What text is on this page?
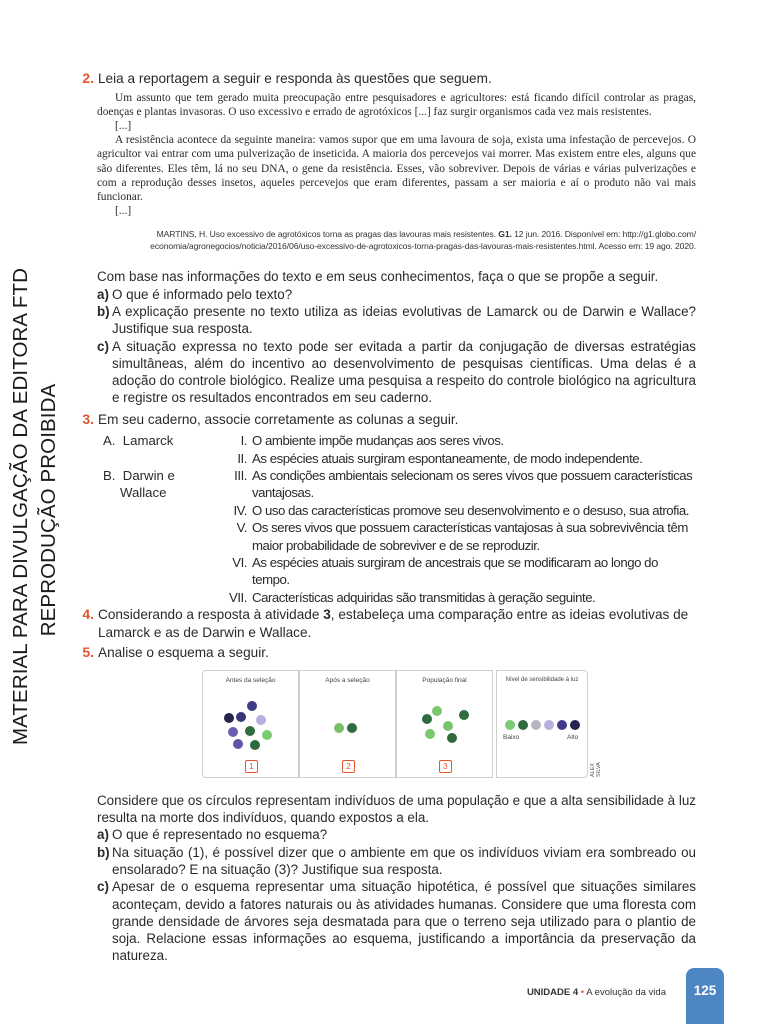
MATERIAL PARA DIVULGAÇÃO DA EDITORA FTD REPRODUÇÃO PROIBIDA
2. Leia a reportagem a seguir e responda às questões que seguem.

Um assunto que tem gerado muita preocupação entre pesquisadores e agricultores: está ficando difícil controlar as pragas, doenças e plantas invasoras. O uso excessivo e errado de agrotóxicos [...] faz surgir organismos cada vez mais resistentes.

[...]

A resistência acontece da seguinte maneira: vamos supor que em uma lavoura de soja, exista uma infestação de percevejos. O agricultor vai entrar com uma pulverização de inseticida. A maioria dos percevejos vai morrer. Mas existem entre eles, alguns que são diferentes. Eles têm, lá no seu DNA, o gene da resistência. Esses, vão sobreviver. Depois de várias e várias pulverizações e com a reprodução desses insetos, aqueles percevejos que eram diferentes, passam a ser maioria e aí o produto não vai mais funcionar.

[...]
MARTINS, H. Uso excessivo de agrotóxicos torna as pragas das lavouras mais resistentes. G1. 12 jun. 2016. Disponível em: http://g1.globo.com/
economia/agronegocios/noticia/2016/06/uso-excessivo-de-agrotoxicos-torna-pragas-das-lavouras-mais-resistentes.html. Acesso em: 19 ago. 2020.
Com base nas informações do texto e em seus conhecimentos, faça o que se propõe a seguir.
a) O que é informado pelo texto?
b) A explicação presente no texto utiliza as ideias evolutivas de Lamarck ou de Darwin e Wallace? Justifique sua resposta.
c) A situação expressa no texto pode ser evitada a partir da conjugação de diversas estratégias simultâneas, além do incentivo ao desenvolvimento de pesquisas científicas. Uma delas é a adoção do controle biológico. Realize uma pesquisa a respeito do controle biológico na agricultura e registre os resultados encontrados em seu caderno.
3. Em seu caderno, associe corretamente as colunas a seguir.
A. Lamarck
B. Darwin e
Wallace
I. O ambiente impõe mudanças aos seres vivos.
II. As espécies atuais surgiram espontaneamente, de modo independente.
III. As condições ambientais selecionam os seres vivos que possuem características vantajosas.
IV. O uso das características promove seu desenvolvimento e o desuso, sua atrofia.
V. Os seres vivos que possuem características vantajosas à sua sobrevivência têm maior probabilidade de sobreviver e de se reproduzir.
VI. As espécies atuais surgiram de ancestrais que se modificaram ao longo do tempo.
VII. Características adquiridas são transmitidas à geração seguinte.
4. Considerando a resposta à atividade 3, estabeleça uma comparação entre as ideias evolutivas de Lamarck e as de Darwin e Wallace.
5. Analise o esquema a seguir.
Antes da seleção
1
Após a seleção
2
População final
3
Nível de sensibilidade à luz
Baixo	Alto
ALEX SILVA
Considere que os círculos representam indivíduos de uma população e que a alta sensibilidade à luz resulta na morte dos indivíduos, quando expostos a ela.
a) O que é representado no esquema?
b) Na situação (1), é possível dizer que o ambiente em que os indivíduos viviam era sombreado ou ensolarado? E na situação (3)? Justifique sua resposta.
c) Apesar de o esquema representar uma situação hipotética, é possível que situações similares aconteçam, devido a fatores naturais ou às atividades humanas. Considere que uma floresta com grande densidade de árvores seja desmatada para que o terreno seja utilizado para o plantio de soja. Relacione essas informações ao esquema, justificando a importância da preservação da natureza.
UNIDADE 4 • A evolução da vida	125
